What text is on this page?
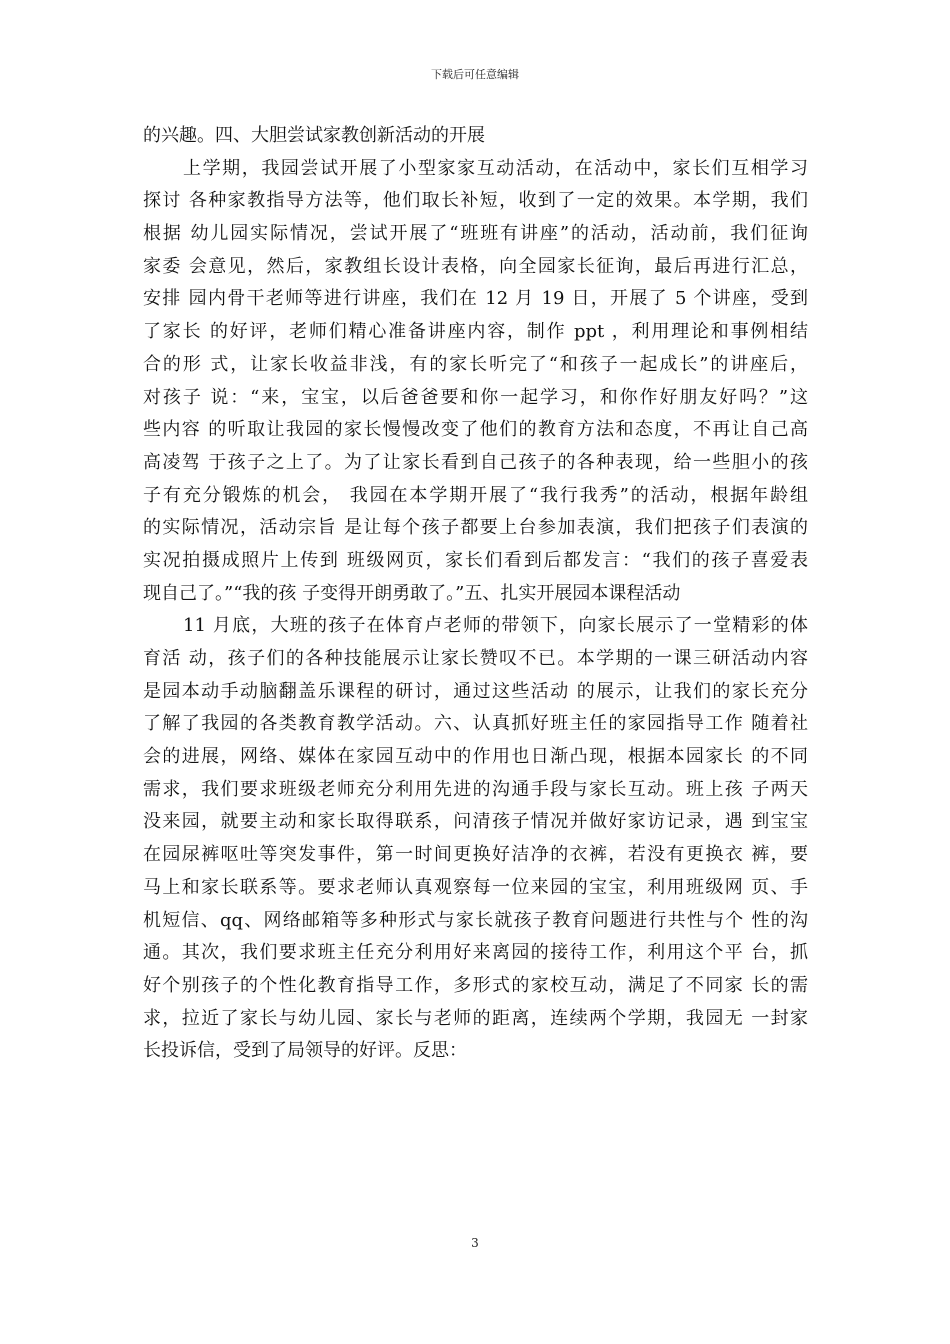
下载后可任意编辑
的兴趣。四、大胆尝试家教创新活动的开展
上学期，我园尝试开展了小型家家互动活动，在活动中，家长们互相学习
探讨 各种家教指导方法等，他们取长补短，收到了一定的效果。本学期，我们
根据 幼儿园实际情况，尝试开展了“班班有讲座”的活动，活动前，我们征询
家委 会意见，然后，家教组长设计表格，向全园家长征询，最后再进行汇总，
安排 园内骨干老师等进行讲座，我们在 12 月 19 日，开展了 5 个讲座，受到
了家长 的好评，老师们精心准备讲座内容，制作 ppt ，利用理论和事例相结
合的形 式，让家长收益非浅，有的家长听完了“和孩子一起成长”的讲座后，
对孩子 说：“来，宝宝，以后爸爸要和你一起学习，和你作好朋友好吗？”这
些内容 的听取让我园的家长慢慢改变了他们的教育方法和态度，不再让自己高
高凌驾 于孩子之上了。为了让家长看到自己孩子的各种表现，给一些胆小的孩
子有充分锻炼的机会， 我园在本学期开展了“我行我秀”的活动，根据年龄组
的实际情况，活动宗旨 是让每个孩子都要上台参加表演，我们把孩子们表演的
实况拍摄成照片上传到 班级网页，家长们看到后都发言：“我们的孩子喜爱表
现自己了。”“我的孩 子变得开朗勇敢了。”五、扎实开展园本课程活动
11 月底，大班的孩子在体育卢老师的带领下，向家长展示了一堂精彩的体
育活 动，孩子们的各种技能展示让家长赞叹不已。本学期的一课三研活动内容
是园本动手动脑翻盖乐课程的研讨，通过这些活动 的展示，让我们的家长充分
了解了我园的各类教育教学活动。六、认真抓好班主任的家园指导工作 随着社
会的进展，网络、媒体在家园互动中的作用也日渐凸现，根据本园家长 的不同
需求，我们要求班级老师充分利用先进的沟通手段与家长互动。班上孩 子两天
没来园，就要主动和家长取得联系，问清孩子情况并做好家访记录，遇 到宝宝
在园尿裤呕吐等突发事件，第一时间更换好洁净的衣裤，若没有更换衣 裤，要
马上和家长联系等。要求老师认真观察每一位来园的宝宝，利用班级网 页、手
机短信、qq、网络邮箱等多种形式与家长就孩子教育问题进行共性与个 性的沟
通。其次，我们要求班主任充分利用好来离园的接待工作，利用这个平 台，抓
好个别孩子的个性化教育指导工作，多形式的家校互动，满足了不同家 长的需
求，拉近了家长与幼儿园、家长与老师的距离，连续两个学期，我园无 一封家
长投诉信，受到了局领导的好评。反思：
3
